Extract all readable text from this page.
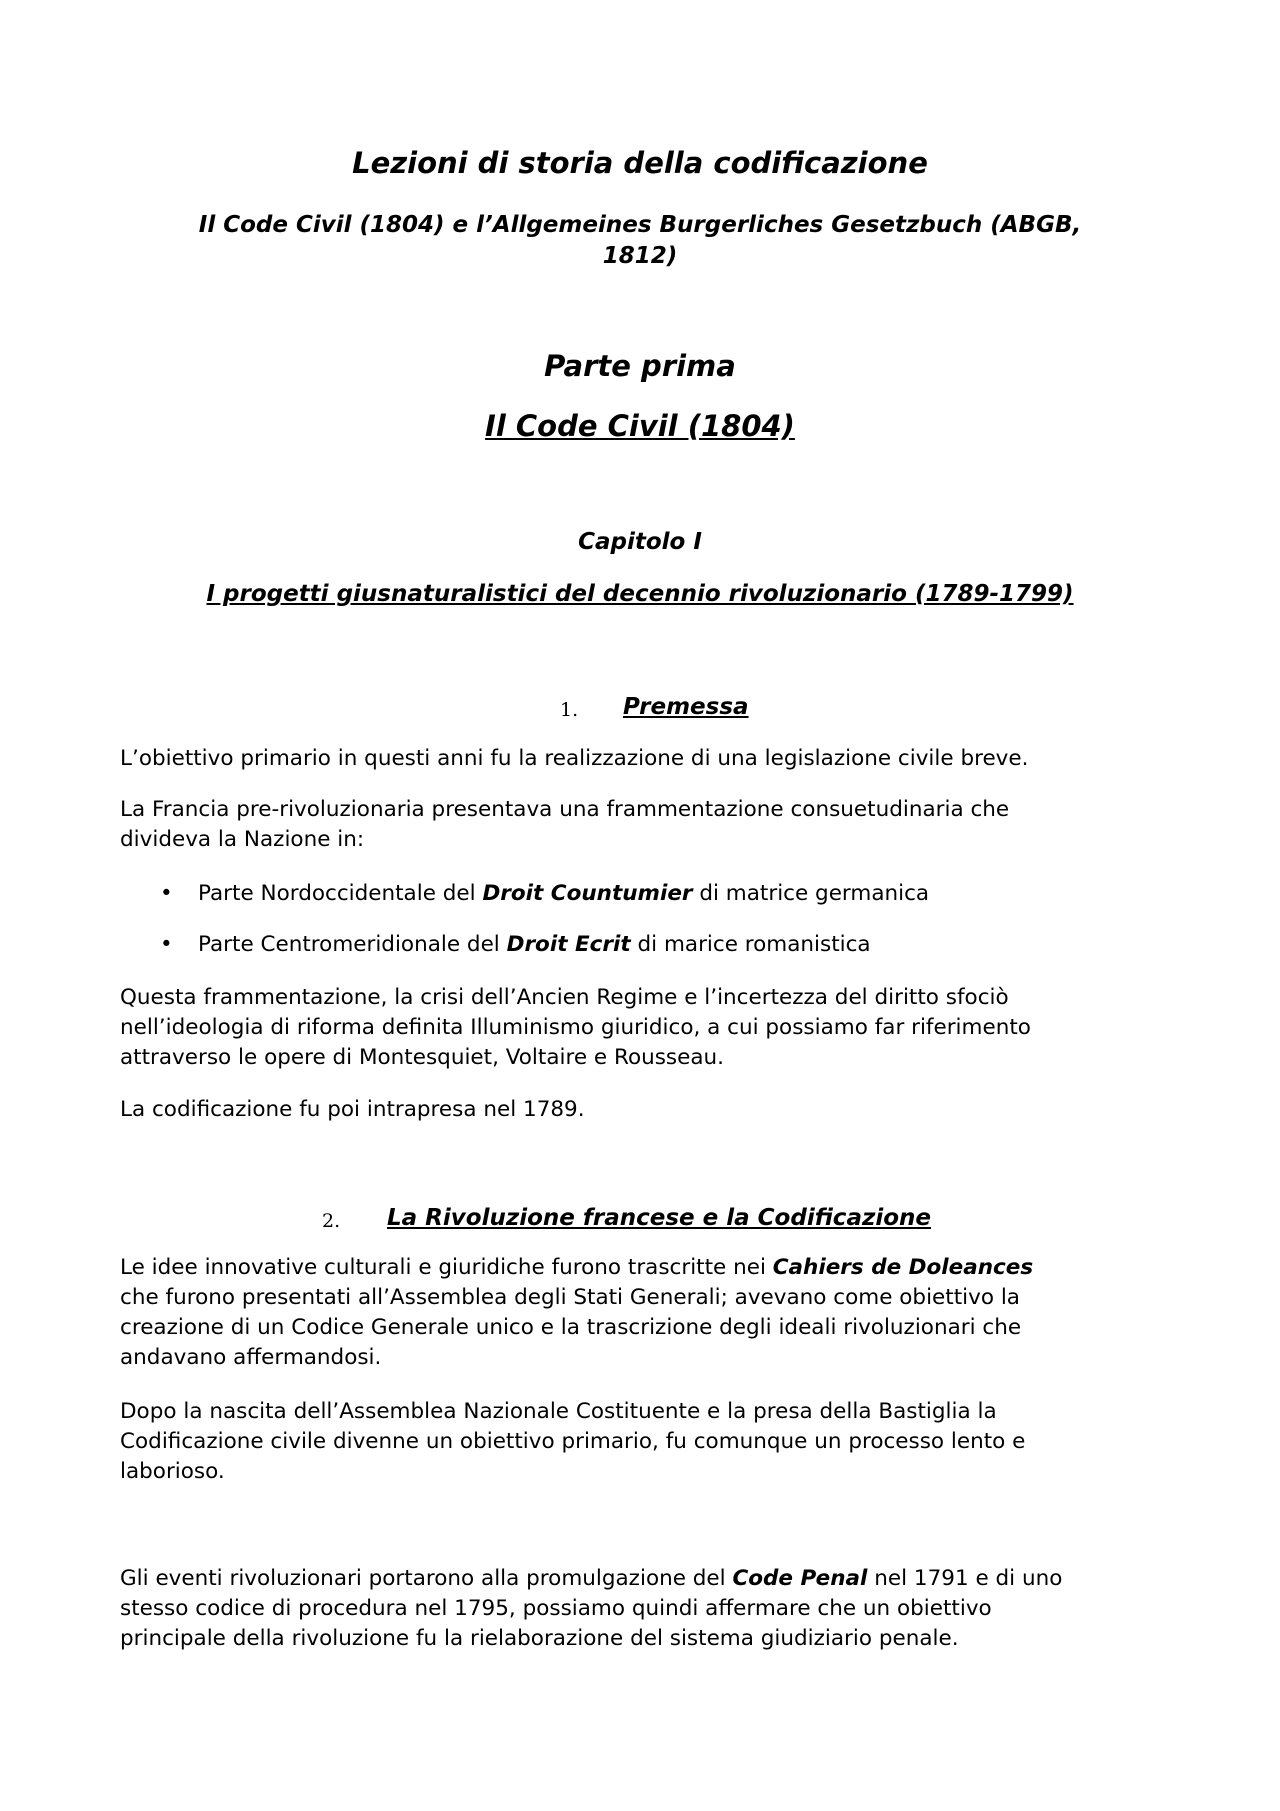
Lezioni di storia della codificazione
Il Code Civil (1804) e l’Allgemeines Burgerliches Gesetzbuch (ABGB,
1812)
Parte prima
Il Code Civil (1804)
Capitolo I
I progetti giusnaturalistici del decennio rivoluzionario (1789-1799)
1. Premessa
L’obiettivo primario in questi anni fu la realizzazione di una legislazione civile breve.
La Francia pre-rivoluzionaria presentava una frammentazione consuetudinaria che
divideva la Nazione in:
• Parte Nordoccidentale del Droit Countumier di matrice germanica
• Parte Centromeridionale del Droit Ecrit di marice romanistica
Questa frammentazione, la crisi dell’Ancien Regime e l’incertezza del diritto sfociò
nell’ideologia di riforma definita Illuminismo giuridico, a cui possiamo far riferimento
attraverso le opere di Montesquiet, Voltaire e Rousseau.
La codificazione fu poi intrapresa nel 1789.
2. La Rivoluzione francese e la Codificazione
Le idee innovative culturali e giuridiche furono trascritte nei Cahiers de Doleances
che furono presentati all’Assemblea degli Stati Generali; avevano come obiettivo la
creazione di un Codice Generale unico e la trascrizione degli ideali rivoluzionari che
andavano affermandosi.
Dopo la nascita dell’Assemblea Nazionale Costituente e la presa della Bastiglia la
Codificazione civile divenne un obiettivo primario, fu comunque un processo lento e
laborioso.
Gli eventi rivoluzionari portarono alla promulgazione del Code Penal nel 1791 e di uno
stesso codice di procedura nel 1795, possiamo quindi affermare che un obiettivo
principale della rivoluzione fu la rielaborazione del sistema giudiziario penale.
